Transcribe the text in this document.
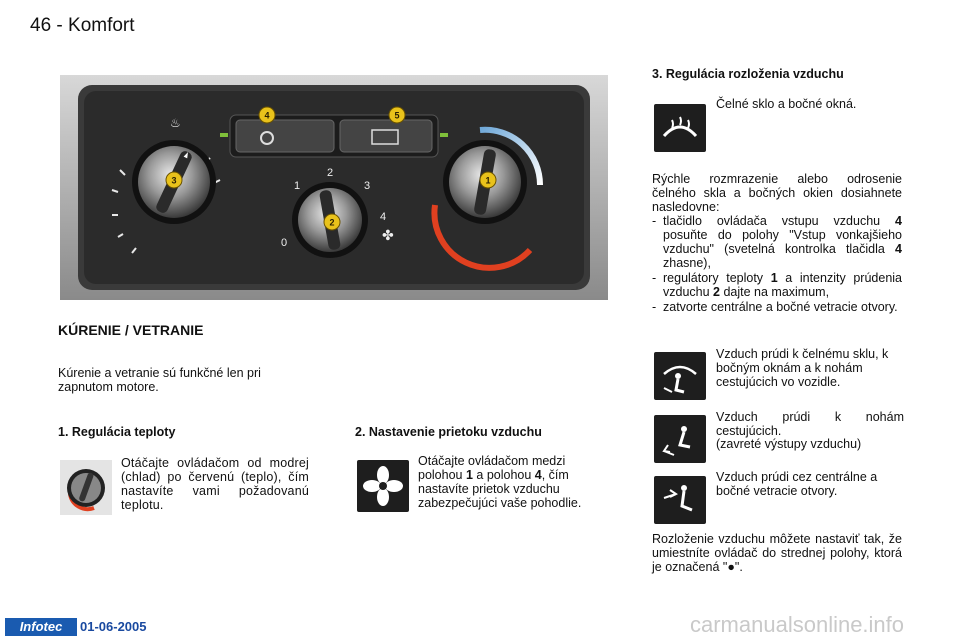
46 - Komfort
♨
0
1
2
3
4
✤
1
2
3
4	5
KÚRENIE / VETRANIE
Kúrenie a vetranie sú funkčné len pri zapnutom motore.
1. Regulácia teploty
Otáčajte ovládačom od modrej (chlad) po červenú (teplo), čím nastavíte vami požadovanú teplotu.
2. Nastavenie prietoku vzduchu
Otáčajte ovládačom medzi polohou 1 a polohou 4, čím nastavíte prietok vzduchu zabezpečujúci vaše pohodlie.
3. Regulácia rozloženia vzduchu
Čelné sklo a bočné okná.
Rýchle rozmrazenie alebo odrosenie čelného skla a bočných okien dosiahnete nasledovne:
- tlačidlo ovládača vstupu vzduchu 4 posuňte do polohy "Vstup vonkajšieho vzduchu" (svetelná kontrolka tlačidla 4 zhasne),
- regulátory teploty 1 a intenzity prúdenia vzduchu 2 dajte na maximum,
- zatvorte centrálne a bočné vetracie otvory.
Vzduch prúdi k čelnému sklu, k bočným oknám a k nohám cestujúcich vo vozidle.
Vzduch prúdi k nohám cestujúcich.
(zavreté výstupy vzduchu)
Vzduch prúdi cez centrálne a bočné vetracie otvory.
Rozloženie vzduchu môžete nastaviť tak, že umiestníte ovládač do strednej polohy, ktorá je označená "●".
Infotec	01-06-2005	carmanualsonline.info
